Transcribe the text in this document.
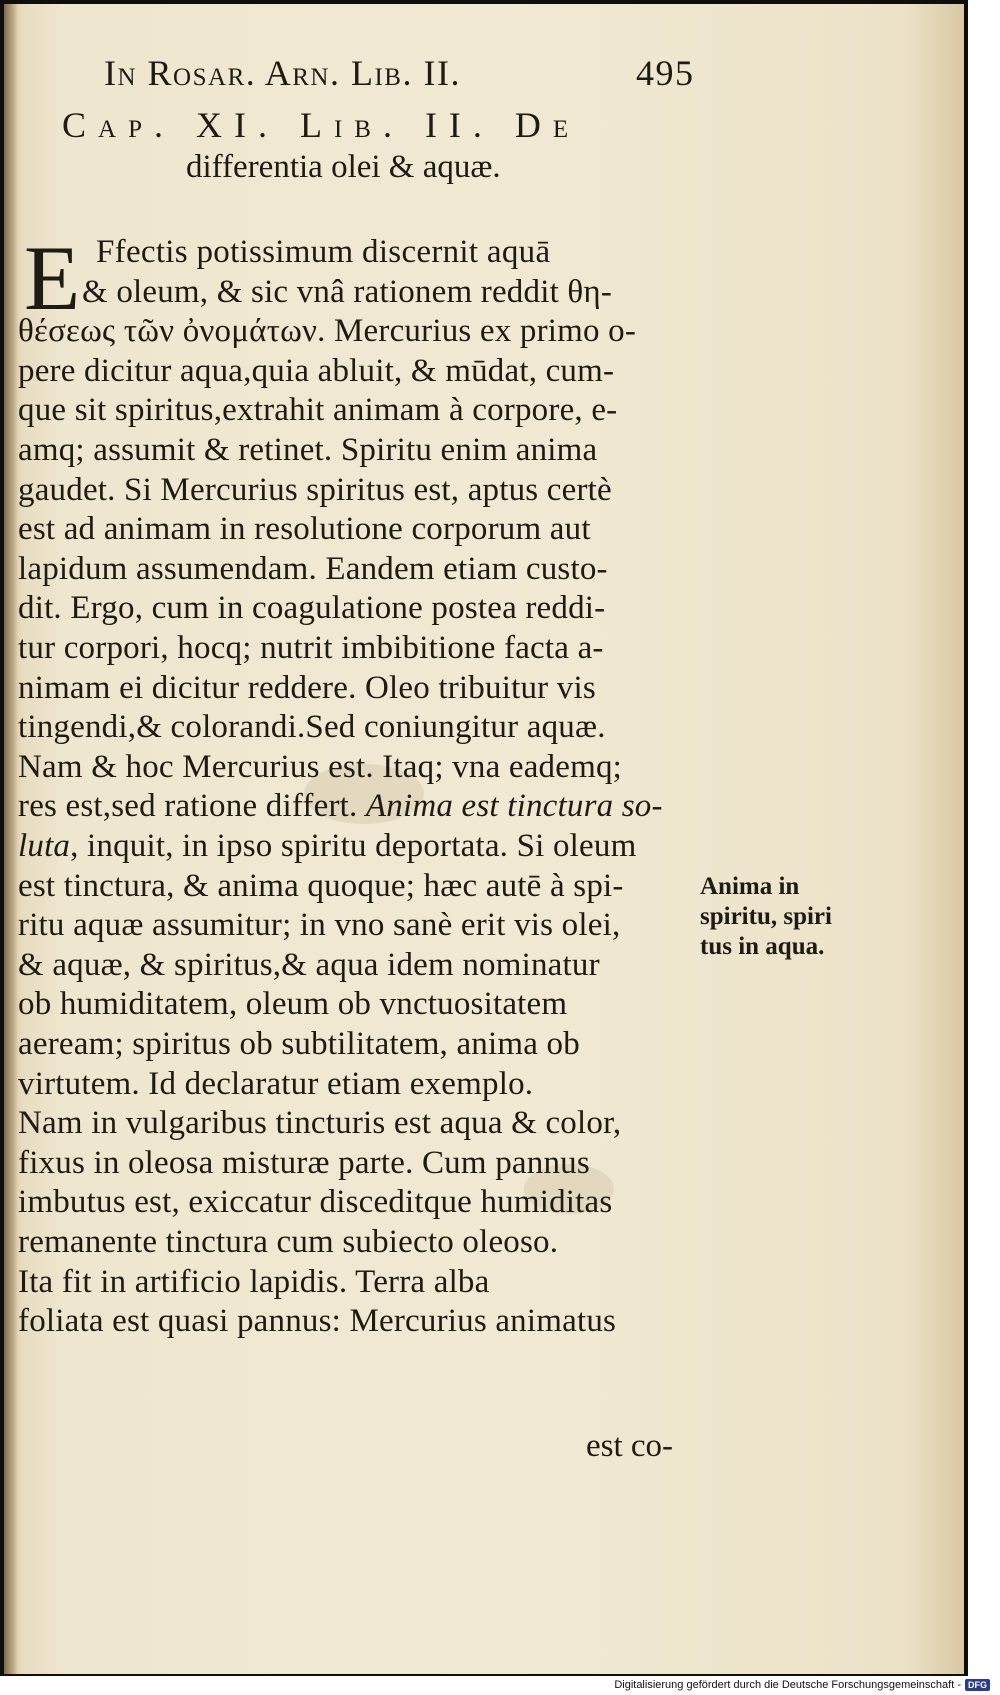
In Rosar. Arn. Lib. II.	495
Cap. XI. Lib. II. De
differentia olei & aquæ.
E Ffectis potissimum discernit aquā
& oleum, & sic vnâ rationem reddit θη-
θέσεως τῶν ὀνομάτων. Mercurius ex primo o-
pere dicitur aqua,quia abluit, & mūdat, cum-
que sit spiritus,extrahit animam à corpore, e-
amq; assumit & retinet. Spiritu enim anima
gaudet. Si Mercurius spiritus est, aptus certè
est ad animam in resolutione corporum aut
lapidum assumendam. Eandem etiam custo-
dit. Ergo, cum in coagulatione postea reddi-
tur corpori, hocq; nutrit imbibitione facta a-
nimam ei dicitur reddere. Oleo tribuitur vis
tingendi,& colorandi.Sed coniungitur aquæ.
Nam & hoc Mercurius est. Itaq; vna eademq;
res est,sed ratione differt. Anima est tinctura so-
luta, inquit, in ipso spiritu deportata. Si oleum
est tinctura, & anima quoque; hæc autē à spi-
ritu aquæ assumitur; in vno sanè erit vis olei,
& aquæ, & spiritus,& aqua idem nominatur
ob humiditatem, oleum ob vnctuositatem
aeream; spiritus ob subtilitatem, anima ob
virtutem. Id declaratur etiam exemplo.
Nam in vulgaribus tincturis est aqua & color,
fixus in oleosa misturæ parte. Cum pannus
imbutus est, exiccatur disceditque humiditas
remanente tinctura cum subiecto oleoso.
Ita fit in artificio lapidis. Terra alba
foliata est quasi pannus: Mercurius animatus
est co-
Anima in
spiritu, spiri
tus in aqua.
Digitalisierung gefördert durch die Deutsche Forschungsgemeinschaft - DFG
